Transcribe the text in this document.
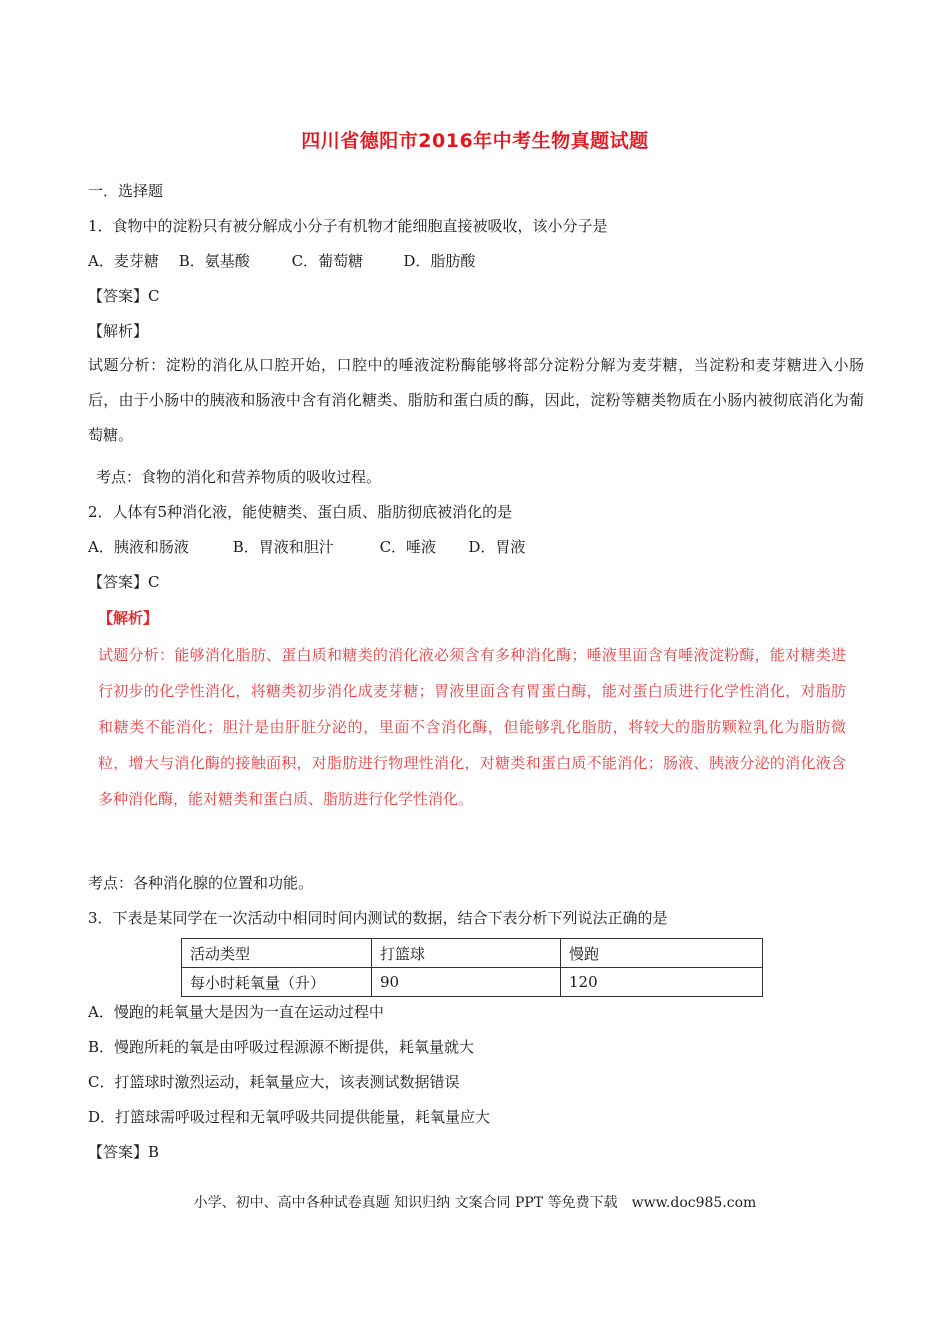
四川省德阳市2016年中考生物真题试题
一．选择题
1．食物中的淀粉只有被分解成小分子有机物才能细胞直接被吸收，该小分子是
A．麦芽糖 B．氨基酸	C．葡萄糖	D．脂肪酸
【答案】C
【解析】
试题分析：淀粉的消化从口腔开始，口腔中的唾液淀粉酶能够将部分淀粉分解为麦芽糖，当淀粉和麦芽糖进入小肠后，由于小肠中的胰液和肠液中含有消化糖类、脂肪和蛋白质的酶，因此，淀粉等糖类物质在小肠内被彻底消化为葡萄糖。
考点：食物的消化和营养物质的吸收过程。
2．人体有5种消化液，能使糖类、蛋白质、脂肪彻底被消化的是
A．胰液和肠液	B．胃液和胆汁	C．唾液 D．胃液
【答案】C
【解析】
试题分析：能够消化脂肪、蛋白质和糖类的消化液必须含有多种消化酶；唾液里面含有唾液淀粉酶，能对糖类进行初步的化学性消化，将糖类初步消化成麦芽糖；胃液里面含有胃蛋白酶，能对蛋白质进行化学性消化，对脂肪和糖类不能消化；胆汁是由肝脏分泌的，里面不含消化酶，但能够乳化脂肪，将较大的脂肪颗粒乳化为脂肪微粒，增大与消化酶的接触面积，对脂肪进行物理性消化，对糖类和蛋白质不能消化；肠液、胰液分泌的消化液含多种消化酶，能对糖类和蛋白质、脂肪进行化学性消化。
考点：各种消化腺的位置和功能。
3．下表是某同学在一次活动中相同时间内测试的数据，结合下表分析下列说法正确的是
活动类型	打篮球	慢跑
每小时耗氧量（升）	90	120
A．慢跑的耗氧量大是因为一直在运动过程中
B．慢跑所耗的氧是由呼吸过程源源不断提供，耗氧量就大
C．打篮球时激烈运动，耗氧量应大，该表测试数据错误
D．打篮球需呼吸过程和无氧呼吸共同提供能量，耗氧量应大
【答案】B
小学、初中、高中各种试卷真题 知识归纳 文案合同 PPT 等免费下载　www.doc985.com
